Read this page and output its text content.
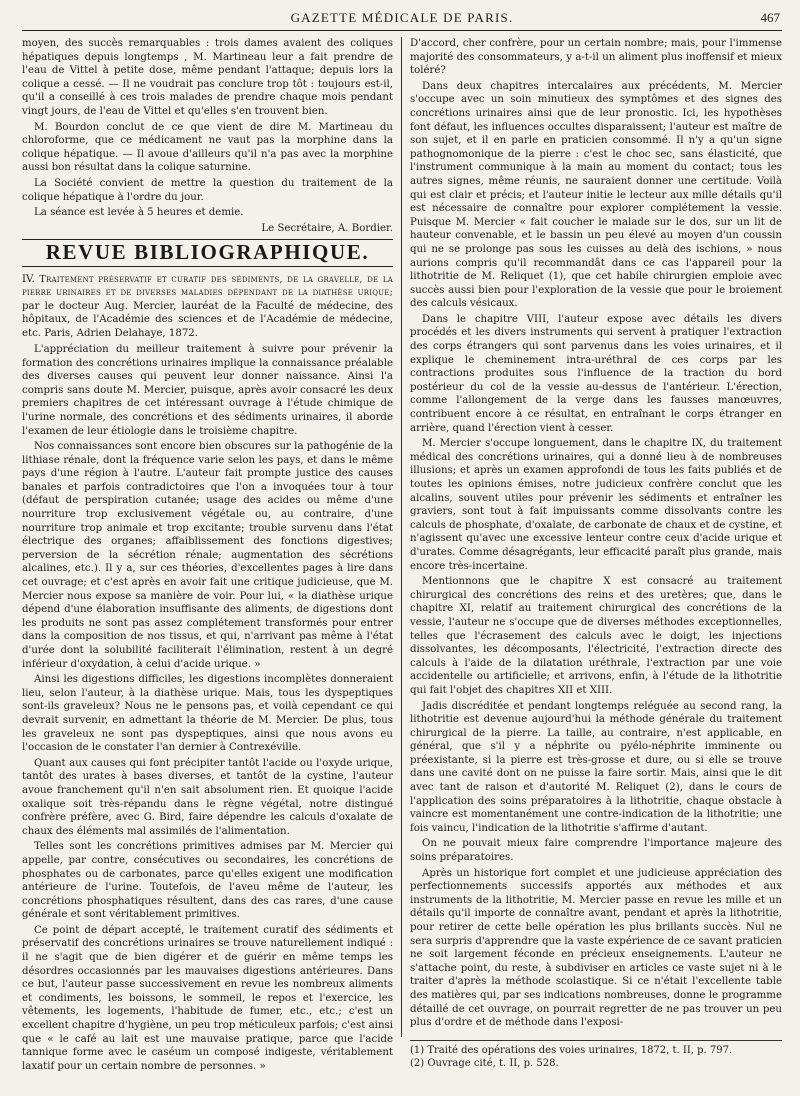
GAZETTE MÉDICALE DE PARIS.	467

moyen, des succès remarquables : trois dames avaient des coliques hépatiques depuis longtemps , M. Martineau leur a fait prendre de l'eau de Vittel à petite dose, même pendant l'attaque; depuis lors la colique a cessé. — Il ne voudrait pas conclure trop tôt : toujours est-il, qu'il a conseillé à ces trois malades de prendre chaque mois pendant vingt jours, de l'eau de Vittel et qu'elles s'en trouvent bien.

M. Bourdon conclut de ce que vient de dire M. Martineau du chloroforme, que ce médicament ne vaut pas la morphine dans la colique hépatique. — Il avoue d'ailleurs qu'il n'a pas avec la morphine aussi bon résultat dans la colique saturnine.

La Société convient de mettre la question du traitement de la colique hépatique à l'ordre du jour.

La séance est levée à 5 heures et demie.

Le Secrétaire, A. Bordier.
REVUE BIBLIOGRAPHIQUE.
IV. Traitement préservatif et curatif des sédiments, de la gravelle, de la pierre urinaires et de diverses maladies dépendant de la diathèse urique; par le docteur Aug. Mercier, lauréat de la Faculté de médecine, des hôpitaux, de l'Académie des sciences et de l'Académie de médecine, etc. Paris, Adrien Delahaye, 1872.

L'appréciation du meilleur traitement à suivre pour prévenir la formation des concrétions urinaires implique la connaissance préalable des diverses causes qui peuvent leur donner naissance. Ainsi l'a compris sans doute M. Mercier, puisque, après avoir consacré les deux premiers chapitres de cet intéressant ouvrage à l'étude chimique de l'urine normale, des concrétions et des sédiments urinaires, il aborde l'examen de leur étiologie dans le troisième chapitre.

Nos connaissances sont encore bien obscures sur la pathogénie de la lithiase rénale, dont la fréquence varie selon les pays, et dans le même pays d'une région à l'autre. L'auteur fait prompte justice des causes banales et parfois contradictoires que l'on a invoquées tour à tour (défaut de perspiration cutanée; usage des acides ou même d'une nourriture trop exclusivement végétale ou, au contraire, d'une nourriture trop animale et trop excitante; trouble survenu dans l'état électrique des organes; affaiblissement des fonctions digestives; perversion de la sécrétion rénale; augmentation des sécrétions alcalines, etc.). Il y a, sur ces théories, d'excellentes pages à lire dans cet ouvrage; et c'est après en avoir fait une critique judicieuse, que M. Mercier nous expose sa manière de voir. Pour lui, « la diathèse urique dépend d'une élaboration insuffisante des aliments, de digestions dont les produits ne sont pas assez complétement transformés pour entrer dans la composition de nos tissus, et qui, n'arrivant pas même à l'état d'urée dont la solubilité faciliterait l'élimination, restent à un degré inférieur d'oxydation, à celui d'acide urique. »

Ainsi les digestions difficiles, les digestions incomplètes donneraient lieu, selon l'auteur, à la diathèse urique. Mais, tous les dyspeptiques sont-ils graveleux? Nous ne le pensons pas, et voilà cependant ce qui devrait survenir, en admettant la théorie de M. Mercier. De plus, tous les graveleux ne sont pas dyspeptiques, ainsi que nous avons eu l'occasion de le constater l'an dernier à Contrexéville.

Quant aux causes qui font précipiter tantôt l'acide ou l'oxyde urique, tantôt des urates à bases diverses, et tantôt de la cystine, l'auteur avoue franchement qu'il n'en sait absolument rien. Et quoique l'acide oxalique soit très-répandu dans le règne végétal, notre distingué confrère préfère, avec G. Bird, faire dépendre les calculs d'oxalate de chaux des éléments mal assimilés de l'alimentation.

Telles sont les concrétions primitives admises par M. Mercier qui appelle, par contre, consécutives ou secondaires, les concrétions de phosphates ou de carbonates, parce qu'elles exigent une modification antérieure de l'urine. Toutefois, de l'aveu même de l'auteur, les concrétions phosphatiques résultent, dans des cas rares, d'une cause générale et sont véritablement primitives.

Ce point de départ accepté, le traitement curatif des sédiments et préservatif des concrétions urinaires se trouve naturellement indiqué : il ne s'agit que de bien digérer et de guérir en même temps les désordres occasionnés par les mauvaises digestions antérieures. Dans ce but, l'auteur passe successivement en revue les nombreux aliments et condiments, les boissons, le sommeil, le repos et l'exercice, les vêtements, les logements, l'habitude de fumer, etc., etc.; c'est un excellent chapitre d'hygiène, un peu trop méticuleux parfois; c'est ainsi que « le café au lait est une mauvaise pratique, parce que l'acide tannique forme avec le caséum un composé indigeste, véritablement laxatif pour un certain nombre de personnes. »

D'accord, cher confrère, pour un certain nombre; mais, pour l'immense majorité des consommateurs, y a-t-il un aliment plus inoffensif et mieux toléré?

Dans deux chapitres intercalaires aux précédents, M. Mercier s'occupe avec un soin minutieux des symptômes et des signes des concrétions urinaires ainsi que de leur pronostic. Ici, les hypothèses font défaut, les influences occultes disparaissent; l'auteur est maître de son sujet, et il en parle en praticien consommé. Il n'y a qu'un signe pathognomonique de la pierre : c'est le choc sec, sans élasticité, que l'instrument communique à la main au moment du contact; tous les autres signes, même réunis, ne sauraient donner une certitude. Voilà qui est clair et précis; et l'auteur initie le lecteur aux mille détails qu'il est nécessaire de connaître pour explorer complétement la vessie. Puisque M. Mercier « fait coucher le malade sur le dos, sur un lit de hauteur convenable, et le bassin un peu élevé au moyen d'un coussin qui ne se prolonge pas sous les cuisses au delà des ischions, » nous aurions compris qu'il recommandât dans ce cas l'appareil pour la lithotritie de M. Reliquet (1), que cet habile chirurgien emploie avec succès aussi bien pour l'exploration de la vessie que pour le broiement des calculs vésicaux.

Dans le chapitre VIII, l'auteur expose avec détails les divers procédés et les divers instruments qui servent à pratiquer l'extraction des corps étrangers qui sont parvenus dans les voies urinaires, et il explique le cheminement intra-uréthral de ces corps par les contractions produites sous l'influence de la traction du bord postérieur du col de la vessie au-dessus de l'antérieur. L'érection, comme l'allongement de la verge dans les fausses manœuvres, contribuent encore à ce résultat, en entraînant le corps étranger en arrière, quand l'érection vient à cesser.

M. Mercier s'occupe longuement, dans le chapitre IX, du traitement médical des concrétions urinaires, qui a donné lieu à de nombreuses illusions; et après un examen approfondi de tous les faits publiés et de toutes les opinions émises, notre judicieux confrère conclut que les alcalins, souvent utiles pour prévenir les sédiments et entraîner les graviers, sont tout à fait impuissants comme dissolvants contre les calculs de phosphate, d'oxalate, de carbonate de chaux et de cystine, et n'agissent qu'avec une excessive lenteur contre ceux d'acide urique et d'urates. Comme désagrégants, leur efficacité paraît plus grande, mais encore très-incertaine.

Mentionnons que le chapitre X est consacré au traitement chirurgical des concrétions des reins et des uretères; que, dans le chapitre XI, relatif au traitement chirurgical des concrétions de la vessie, l'auteur ne s'occupe que de diverses méthodes exceptionnelles, telles que l'écrasement des calculs avec le doigt, les injections dissolvantes, les décomposants, l'électricité, l'extraction directe des calculs à l'aide de la dilatation uréthrale, l'extraction par une voie accidentelle ou artificielle; et arrivons, enfin, à l'étude de la lithotritie qui fait l'objet des chapitres XII et XIII.

Jadis discréditée et pendant longtemps reléguée au second rang, la lithotritie est devenue aujourd'hui la méthode générale du traitement chirurgical de la pierre. La taille, au contraire, n'est applicable, en général, que s'il y a néphrite ou pyélo-néphrite imminente ou préexistante, si la pierre est très-grosse et dure, ou si elle se trouve dans une cavité dont on ne puisse la faire sortir. Mais, ainsi que le dit avec tant de raison et d'autorité M. Reliquet (2), dans le cours de l'application des soins préparatoires à la lithotritie, chaque obstacle à vaincre est momentanément une contre-indication de la lithotritie; une fois vaincu, l'indication de la lithotritie s'affirme d'autant.

On ne pouvait mieux faire comprendre l'importance majeure des soins préparatoires.

Après un historique fort complet et une judicieuse appréciation des perfectionnements successifs apportés aux méthodes et aux instruments de la lithotritie, M. Mercier passe en revue les mille et un détails qu'il importe de connaître avant, pendant et après la lithotritie, pour retirer de cette belle opération les plus brillants succès. Nul ne sera surpris d'apprendre que la vaste expérience de ce savant praticien ne soit largement féconde en précieux enseignements. L'auteur ne s'attache point, du reste, à subdiviser en articles ce vaste sujet ni à le traiter d'après la méthode scolastique. Si ce n'était l'excellente table des matières qui, par ses indications nombreuses, donne le programme détaillé de cet ouvrage, on pourrait regretter de ne pas trouver un peu plus d'ordre et de méthode dans l'exposi-

(1) Traité des opérations des voies urinaires, 1872, t. II, p. 797.
(2) Ouvrage cité, t. II, p. 528.
